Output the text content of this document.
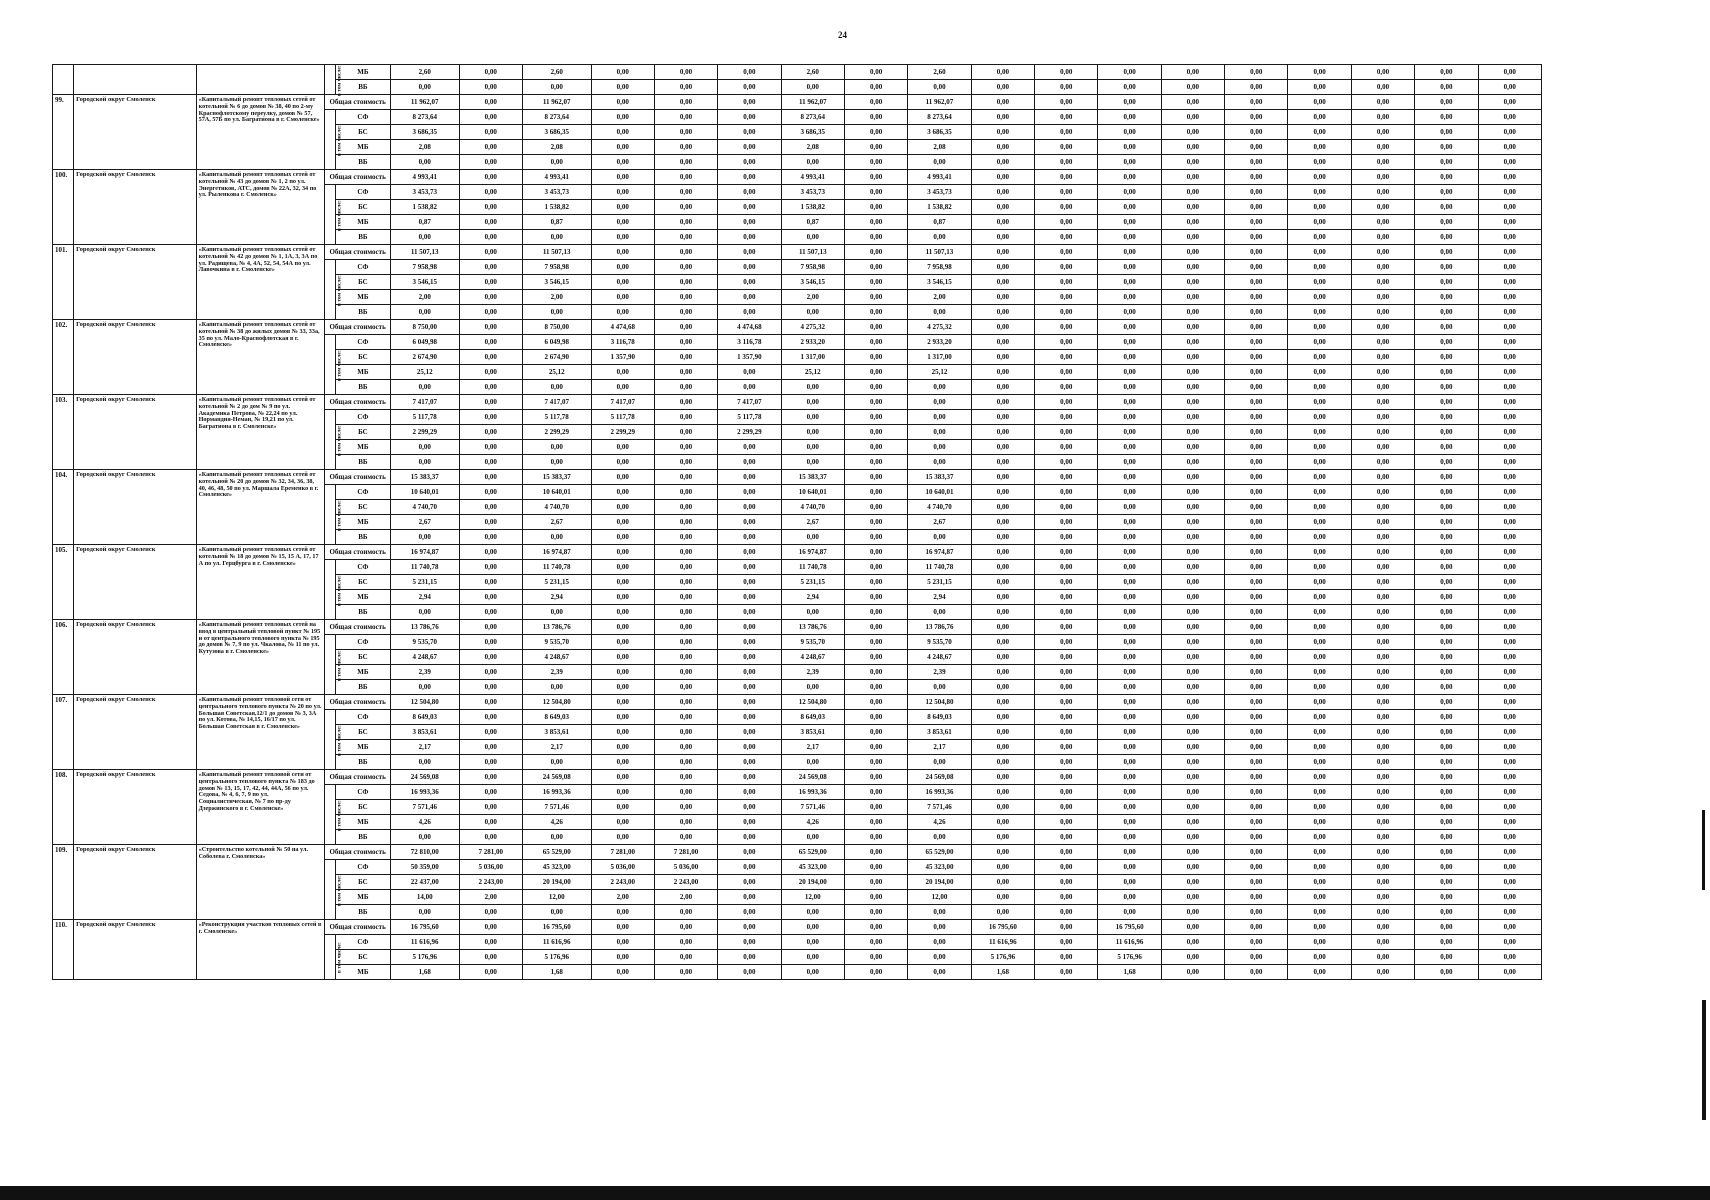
24
			в том числе:	МБ	2,60	0,00	2,60	0,00	0,00	0,00	2,60	0,00	2,60	0,00	0,00	0,00	0,00	0,00	0,00	0,00	0,00	0,00
				ВБ	0,00	0,00	0,00	0,00	0,00	0,00	0,00	0,00	0,00	0,00	0,00	0,00	0,00	0,00	0,00	0,00	0,00	0,00
99.	Городской округ Смоленск	«Капитальный ремонт тепловых сетей от котельной № 6 до домов № 38, 40 по 2-му Краснофлотскому переулку, домов № 57, 57А, 57Б по ул. Багратиона в г. Смоленске»	Общая стоимость		11 962,07	0,00	11 962,07	0,00	0,00	0,00	11 962,07	0,00	11 962,07	0,00	0,00	0,00	0,00	0,00	0,00	0,00	0,00	0,00
			в том числе:	СФ	8 273,64	0,00	8 273,64	0,00	0,00	0,00	8 273,64	0,00	8 273,64	0,00	0,00	0,00	0,00	0,00	0,00	0,00	0,00	0,00
				БС	3 686,35	0,00	3 686,35	0,00	0,00	0,00	3 686,35	0,00	3 686,35	0,00	0,00	0,00	0,00	0,00	0,00	0,00	0,00	0,00
				МБ	2,08	0,00	2,08	0,00	0,00	0,00	2,08	0,00	2,08	0,00	0,00	0,00	0,00	0,00	0,00	0,00	0,00	0,00
				ВБ	0,00	0,00	0,00	0,00	0,00	0,00	0,00	0,00	0,00	0,00	0,00	0,00	0,00	0,00	0,00	0,00	0,00	0,00
100.	Городской округ Смоленск	«Капитальный ремонт тепловых сетей от котельной № 43 до домов № 1, 2 по ул. Энергетиков, АТС, домов № 22А, 32, 34 по ул. Рыленкова г. Смоленск»	Общая стоимость		4 993,41	0,00	4 993,41	0,00	0,00	0,00	4 993,41	0,00	4 993,41	0,00	0,00	0,00	0,00	0,00	0,00	0,00	0,00	0,00
			в том числе:	СФ	3 453,73	0,00	3 453,73	0,00	0,00	0,00	3 453,73	0,00	3 453,73	0,00	0,00	0,00	0,00	0,00	0,00	0,00	0,00	0,00
				БС	1 538,82	0,00	1 538,82	0,00	0,00	0,00	1 538,82	0,00	1 538,82	0,00	0,00	0,00	0,00	0,00	0,00	0,00	0,00	0,00
				МБ	0,87	0,00	0,87	0,00	0,00	0,00	0,87	0,00	0,87	0,00	0,00	0,00	0,00	0,00	0,00	0,00	0,00	0,00
				ВБ	0,00	0,00	0,00	0,00	0,00	0,00	0,00	0,00	0,00	0,00	0,00	0,00	0,00	0,00	0,00	0,00	0,00	0,00
101.	Городской округ Смоленск	«Капитальный ремонт тепловых сетей от котельной № 42 до домов № 1, 1А, 3, 3А по ул. Радищева, № 4, 4А, 52, 54, 54А по ул. Лавочкина в г. Смоленске»	Общая стоимость		11 507,13	0,00	11 507,13	0,00	0,00	0,00	11 507,13	0,00	11 507,13	0,00	0,00	0,00	0,00	0,00	0,00	0,00	0,00	0,00
			в том числе:	СФ	7 958,98	0,00	7 958,98	0,00	0,00	0,00	7 958,98	0,00	7 958,98	0,00	0,00	0,00	0,00	0,00	0,00	0,00	0,00	0,00
				БС	3 546,15	0,00	3 546,15	0,00	0,00	0,00	3 546,15	0,00	3 546,15	0,00	0,00	0,00	0,00	0,00	0,00	0,00	0,00	0,00
				МБ	2,00	0,00	2,00	0,00	0,00	0,00	2,00	0,00	2,00	0,00	0,00	0,00	0,00	0,00	0,00	0,00	0,00	0,00
				ВБ	0,00	0,00	0,00	0,00	0,00	0,00	0,00	0,00	0,00	0,00	0,00	0,00	0,00	0,00	0,00	0,00	0,00	0,00
102.	Городской округ Смоленск	«Капитальный ремонт тепловых сетей от котельной № 38 до жилых домов № 33, 33а, 35 по ул. Мало-Краснофлотская в г. Смоленске»	Общая стоимость		8 750,00	0,00	8 750,00	4 474,68	0,00	4 474,68	4 275,32	0,00	4 275,32	0,00	0,00	0,00	0,00	0,00	0,00	0,00	0,00	0,00
			в том числе:	СФ	6 049,98	0,00	6 049,98	3 116,78	0,00	3 116,78	2 933,20	0,00	2 933,20	0,00	0,00	0,00	0,00	0,00	0,00	0,00	0,00	0,00
				БС	2 674,90	0,00	2 674,90	1 357,90	0,00	1 357,90	1 317,00	0,00	1 317,00	0,00	0,00	0,00	0,00	0,00	0,00	0,00	0,00	0,00
				МБ	25,12	0,00	25,12	0,00	0,00	0,00	25,12	0,00	25,12	0,00	0,00	0,00	0,00	0,00	0,00	0,00	0,00	0,00
				ВБ	0,00	0,00	0,00	0,00	0,00	0,00	0,00	0,00	0,00	0,00	0,00	0,00	0,00	0,00	0,00	0,00	0,00	0,00
103.	Городской округ Смоленск	«Капитальный ремонт тепловых сетей от котельной № 2 до дом № 9 по ул. Академика Петрова, № 22,24 по ул. Нормандия-Неман, № 19,21 по ул. Багратиона в г. Смоленске»	Общая стоимость		7 417,07	0,00	7 417,07	7 417,07	0,00	7 417,07	0,00	0,00	0,00	0,00	0,00	0,00	0,00	0,00	0,00	0,00	0,00	0,00
			в том числе:	СФ	5 117,78	0,00	5 117,78	5 117,78	0,00	5 117,78	0,00	0,00	0,00	0,00	0,00	0,00	0,00	0,00	0,00	0,00	0,00	0,00
				БС	2 299,29	0,00	2 299,29	2 299,29	0,00	2 299,29	0,00	0,00	0,00	0,00	0,00	0,00	0,00	0,00	0,00	0,00	0,00	0,00
				МБ	0,00	0,00	0,00	0,00	0,00	0,00	0,00	0,00	0,00	0,00	0,00	0,00	0,00	0,00	0,00	0,00	0,00	0,00
				ВБ	0,00	0,00	0,00	0,00	0,00	0,00	0,00	0,00	0,00	0,00	0,00	0,00	0,00	0,00	0,00	0,00	0,00	0,00
104.	Городской округ Смоленск	«Капитальный ремонт тепловых сетей от котельной № 20 до домов № 32, 34, 36, 38, 40, 46, 48, 50 по ул. Маршала Еременко в г. Смоленске»	Общая стоимость		15 383,37	0,00	15 383,37	0,00	0,00	0,00	15 383,37	0,00	15 383,37	0,00	0,00	0,00	0,00	0,00	0,00	0,00	0,00	0,00
			в том числе:	СФ	10 640,01	0,00	10 640,01	0,00	0,00	0,00	10 640,01	0,00	10 640,01	0,00	0,00	0,00	0,00	0,00	0,00	0,00	0,00	0,00
				БС	4 740,70	0,00	4 740,70	0,00	0,00	0,00	4 740,70	0,00	4 740,70	0,00	0,00	0,00	0,00	0,00	0,00	0,00	0,00	0,00
				МБ	2,67	0,00	2,67	0,00	0,00	0,00	2,67	0,00	2,67	0,00	0,00	0,00	0,00	0,00	0,00	0,00	0,00	0,00
				ВБ	0,00	0,00	0,00	0,00	0,00	0,00	0,00	0,00	0,00	0,00	0,00	0,00	0,00	0,00	0,00	0,00	0,00	0,00
105.	Городской округ Смоленск	«Капитальный ремонт тепловых сетей от котельной № 18 до домов № 15, 15 А, 17, 17 А по ул. Герцбурга в г. Смоленске»	Общая стоимость		16 974,87	0,00	16 974,87	0,00	0,00	0,00	16 974,87	0,00	16 974,87	0,00	0,00	0,00	0,00	0,00	0,00	0,00	0,00	0,00
			в том числе:	СФ	11 740,78	0,00	11 740,78	0,00	0,00	0,00	11 740,78	0,00	11 740,78	0,00	0,00	0,00	0,00	0,00	0,00	0,00	0,00	0,00
				БС	5 231,15	0,00	5 231,15	0,00	0,00	0,00	5 231,15	0,00	5 231,15	0,00	0,00	0,00	0,00	0,00	0,00	0,00	0,00	0,00
				МБ	2,94	0,00	2,94	0,00	0,00	0,00	2,94	0,00	2,94	0,00	0,00	0,00	0,00	0,00	0,00	0,00	0,00	0,00
				ВБ	0,00	0,00	0,00	0,00	0,00	0,00	0,00	0,00	0,00	0,00	0,00	0,00	0,00	0,00	0,00	0,00	0,00	0,00
106.	Городской округ Смоленск	«Капитальный ремонт тепловых сетей на ввод в центральный тепловой пункт № 195 и от центрального теплового пункта № 195 до домов № 7, 9 по ул. Чкалова, № 11 по ул. Кутузова в г. Смоленске»	Общая стоимость		13 786,76	0,00	13 786,76	0,00	0,00	0,00	13 786,76	0,00	13 786,76	0,00	0,00	0,00	0,00	0,00	0,00	0,00	0,00	0,00
			в том числе:	СФ	9 535,70	0,00	9 535,70	0,00	0,00	0,00	9 535,70	0,00	9 535,70	0,00	0,00	0,00	0,00	0,00	0,00	0,00	0,00	0,00
				БС	4 248,67	0,00	4 248,67	0,00	0,00	0,00	4 248,67	0,00	4 248,67	0,00	0,00	0,00	0,00	0,00	0,00	0,00	0,00	0,00
				МБ	2,39	0,00	2,39	0,00	0,00	0,00	2,39	0,00	2,39	0,00	0,00	0,00	0,00	0,00	0,00	0,00	0,00	0,00
				ВБ	0,00	0,00	0,00	0,00	0,00	0,00	0,00	0,00	0,00	0,00	0,00	0,00	0,00	0,00	0,00	0,00	0,00	0,00
107.	Городской округ Смоленск	«Капитальный ремонт тепловой сети от центрального теплового пункта № 20 по ул. Большая Советская,12/1 до домов № 3, 3А по ул. Котова, № 14,15, 16/17 по ул. Большая Советская в г. Смоленске»	Общая стоимость		12 504,80	0,00	12 504,80	0,00	0,00	0,00	12 504,80	0,00	12 504,80	0,00	0,00	0,00	0,00	0,00	0,00	0,00	0,00	0,00
			в том числе:	СФ	8 649,03	0,00	8 649,03	0,00	0,00	0,00	8 649,03	0,00	8 649,03	0,00	0,00	0,00	0,00	0,00	0,00	0,00	0,00	0,00
				БС	3 853,61	0,00	3 853,61	0,00	0,00	0,00	3 853,61	0,00	3 853,61	0,00	0,00	0,00	0,00	0,00	0,00	0,00	0,00	0,00
				МБ	2,17	0,00	2,17	0,00	0,00	0,00	2,17	0,00	2,17	0,00	0,00	0,00	0,00	0,00	0,00	0,00	0,00	0,00
				ВБ	0,00	0,00	0,00	0,00	0,00	0,00	0,00	0,00	0,00	0,00	0,00	0,00	0,00	0,00	0,00	0,00	0,00	0,00
108.	Городской округ Смоленск	«Капитальный ремонт тепловой сети от центрального теплового пункта № 183 до домов № 13, 15, 17, 42, 44, 44А, 56 по ул. Седова, № 4, 6, 7, 9 по ул. Социалистическая, № 7 по пр-ду Дзержинского в г. Смоленске»	Общая стоимость		24 569,08	0,00	24 569,08	0,00	0,00	0,00	24 569,08	0,00	24 569,08	0,00	0,00	0,00	0,00	0,00	0,00	0,00	0,00	0,00
			в том числе:	СФ	16 993,36	0,00	16 993,36	0,00	0,00	0,00	16 993,36	0,00	16 993,36	0,00	0,00	0,00	0,00	0,00	0,00	0,00	0,00	0,00
				БС	7 571,46	0,00	7 571,46	0,00	0,00	0,00	7 571,46	0,00	7 571,46	0,00	0,00	0,00	0,00	0,00	0,00	0,00	0,00	0,00
				МБ	4,26	0,00	4,26	0,00	0,00	0,00	4,26	0,00	4,26	0,00	0,00	0,00	0,00	0,00	0,00	0,00	0,00	0,00
				ВБ	0,00	0,00	0,00	0,00	0,00	0,00	0,00	0,00	0,00	0,00	0,00	0,00	0,00	0,00	0,00	0,00	0,00	0,00
109.	Городской округ Смоленск	«Строительство котельной № 50 на ул. Соболева г. Смоленска»	Общая стоимость		72 810,00	7 281,00	65 529,00	7 281,00	7 281,00	0,00	65 529,00	0,00	65 529,00	0,00	0,00	0,00	0,00	0,00	0,00	0,00	0,00	0,00
			в том числе:	СФ	50 359,00	5 036,00	45 323,00	5 036,00	5 036,00	0,00	45 323,00	0,00	45 323,00	0,00	0,00	0,00	0,00	0,00	0,00	0,00	0,00	0,00
				БС	22 437,00	2 243,00	20 194,00	2 243,00	2 243,00	0,00	20 194,00	0,00	20 194,00	0,00	0,00	0,00	0,00	0,00	0,00	0,00	0,00	0,00
				МБ	14,00	2,00	12,00	2,00	2,00	0,00	12,00	0,00	12,00	0,00	0,00	0,00	0,00	0,00	0,00	0,00	0,00	0,00
				ВБ	0,00	0,00	0,00	0,00	0,00	0,00	0,00	0,00	0,00	0,00	0,00	0,00	0,00	0,00	0,00	0,00	0,00	0,00
110.	Городской округ Смоленск	«Реконструкция участков тепловых сетей в г. Смоленске»	Общая стоимость		16 795,60	0,00	16 795,60	0,00	0,00	0,00	0,00	0,00	0,00	16 795,60	0,00	16 795,60	0,00	0,00	0,00	0,00	0,00	0,00
			в том числе:	СФ	11 616,96	0,00	11 616,96	0,00	0,00	0,00	0,00	0,00	0,00	11 616,96	0,00	11 616,96	0,00	0,00	0,00	0,00	0,00	0,00
				БС	5 176,96	0,00	5 176,96	0,00	0,00	0,00	0,00	0,00	0,00	5 176,96	0,00	5 176,96	0,00	0,00	0,00	0,00	0,00	0,00
				МБ	1,68	0,00	1,68	0,00	0,00	0,00	0,00	0,00	0,00	1,68	0,00	1,68	0,00	0,00	0,00	0,00	0,00	0,00
